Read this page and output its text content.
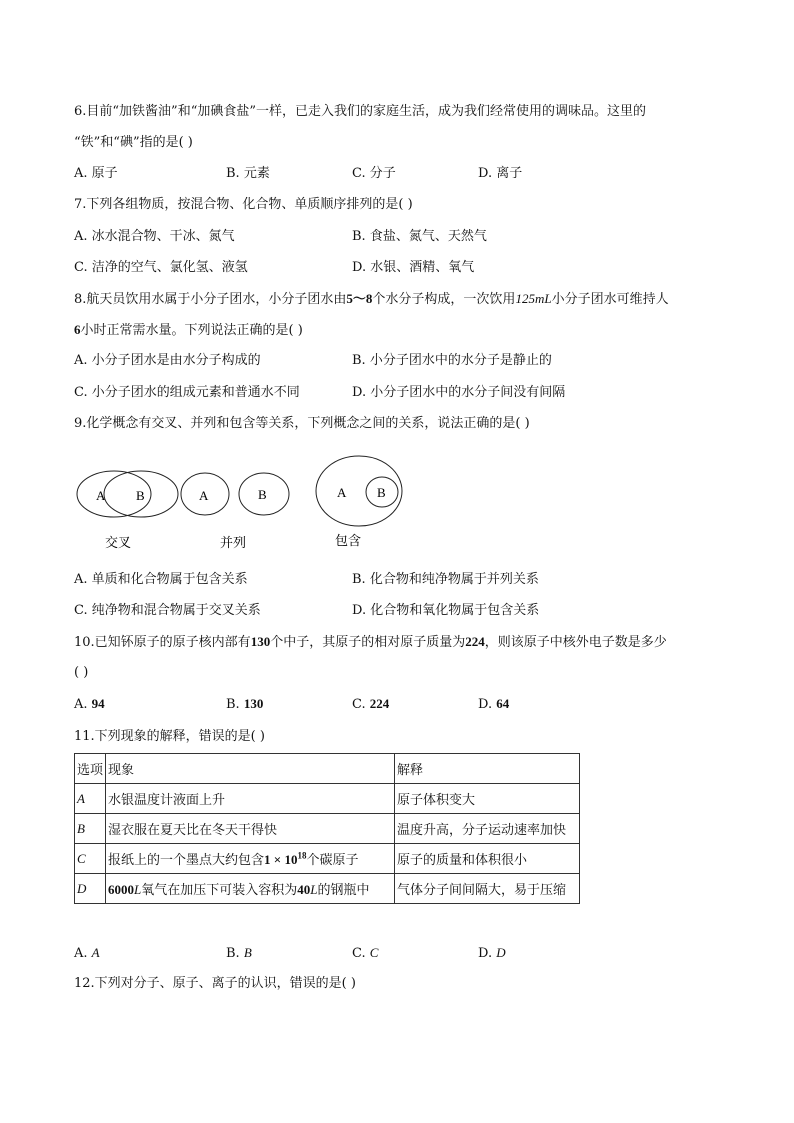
6.目前“加铁酱油”和“加碘食盐”一样，已走入我们的家庭生活，成为我们经常使用的调味品。这里的
“铁”和“碘”指的是( )
A. 原子	B. 元素	C. 分子	D. 离子
7.下列各组物质，按混合物、化合物、单质顺序排列的是( )
A. 冰水混合物、干冰、氮气	B. 食盐、氮气、天然气
C. 洁净的空气、氯化氢、液氢	D. 水银、酒精、氧气
8.航天员饮用水属于小分子团水，小分子团水由5～8个水分子构成，一次饮用125mL小分子团水可维持人
6小时正常需水量。下列说法正确的是( )
A. 小分子团水是由水分子构成的	B. 小分子团水中的水分子是静止的
C. 小分子团水的组成元素和普通水不同	D. 小分子团水中的水分子间没有间隔
9.化学概念有交叉、并列和包含等关系，下列概念之间的关系，说法正确的是( )
A B	A	B	A B
交叉	并列	包含
A. 单质和化合物属于包含关系	B. 化合物和纯净物属于并列关系
C. 纯净物和混合物属于交叉关系	D. 化合物和氧化物属于包含关系
10.已知钚原子的原子核内部有130个中子，其原子的相对原子质量为224，则该原子中核外电子数是多少
( )
A. 94	B. 130	C. 224	D. 64
11.下列现象的解释，错误的是( )
选项	现象	解释
A	水银温度计液面上升	原子体积变大
B	湿衣服在夏天比在冬天干得快	温度升高，分子运动速率加快
C	报纸上的一个墨点大约包含$1 \times 10^{18}$个碳原子	原子的质量和体积很小
D	6000L氧气在加压下可装入容积为40L的钢瓶中	气体分子间间隔大，易于压缩
A. A	B. B	C. C	D. D
12.下列对分子、原子、离子的认识，错误的是( )
